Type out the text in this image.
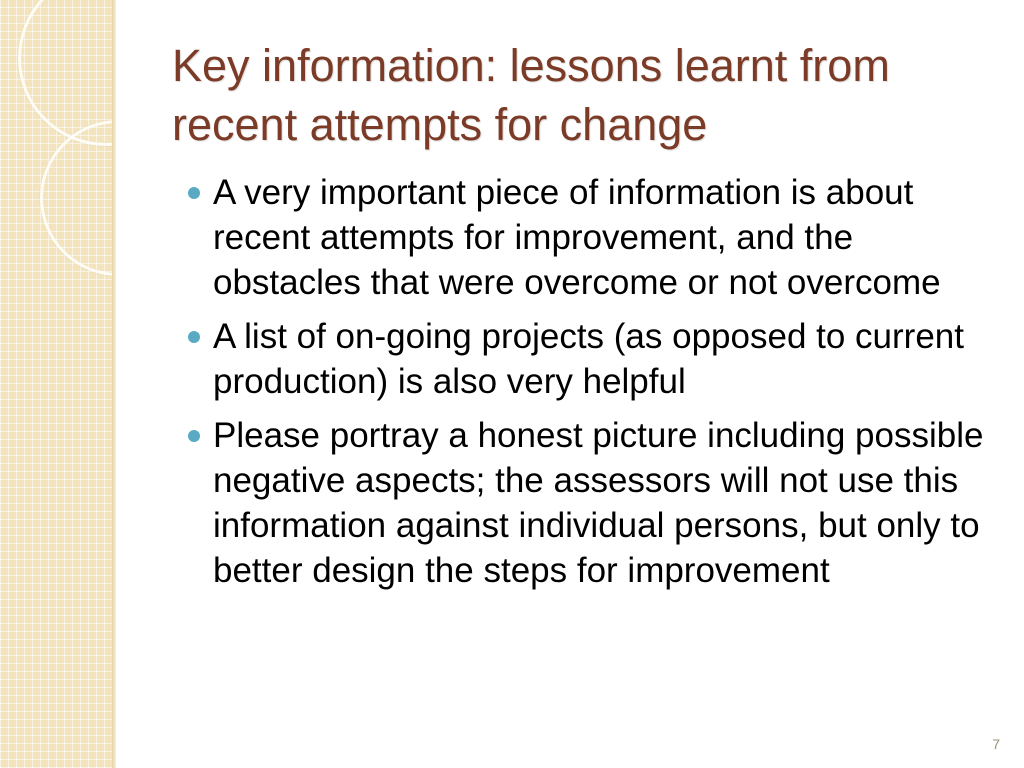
Key information: lessons learnt from recent attempts for change
A very important piece of information is about recent attempts for improvement, and the obstacles that were overcome or not overcome
A list of on-going projects (as opposed to current production) is also very helpful
Please portray a honest picture including possible negative aspects; the assessors will not use this information against individual persons, but only to better design the steps for improvement
7
